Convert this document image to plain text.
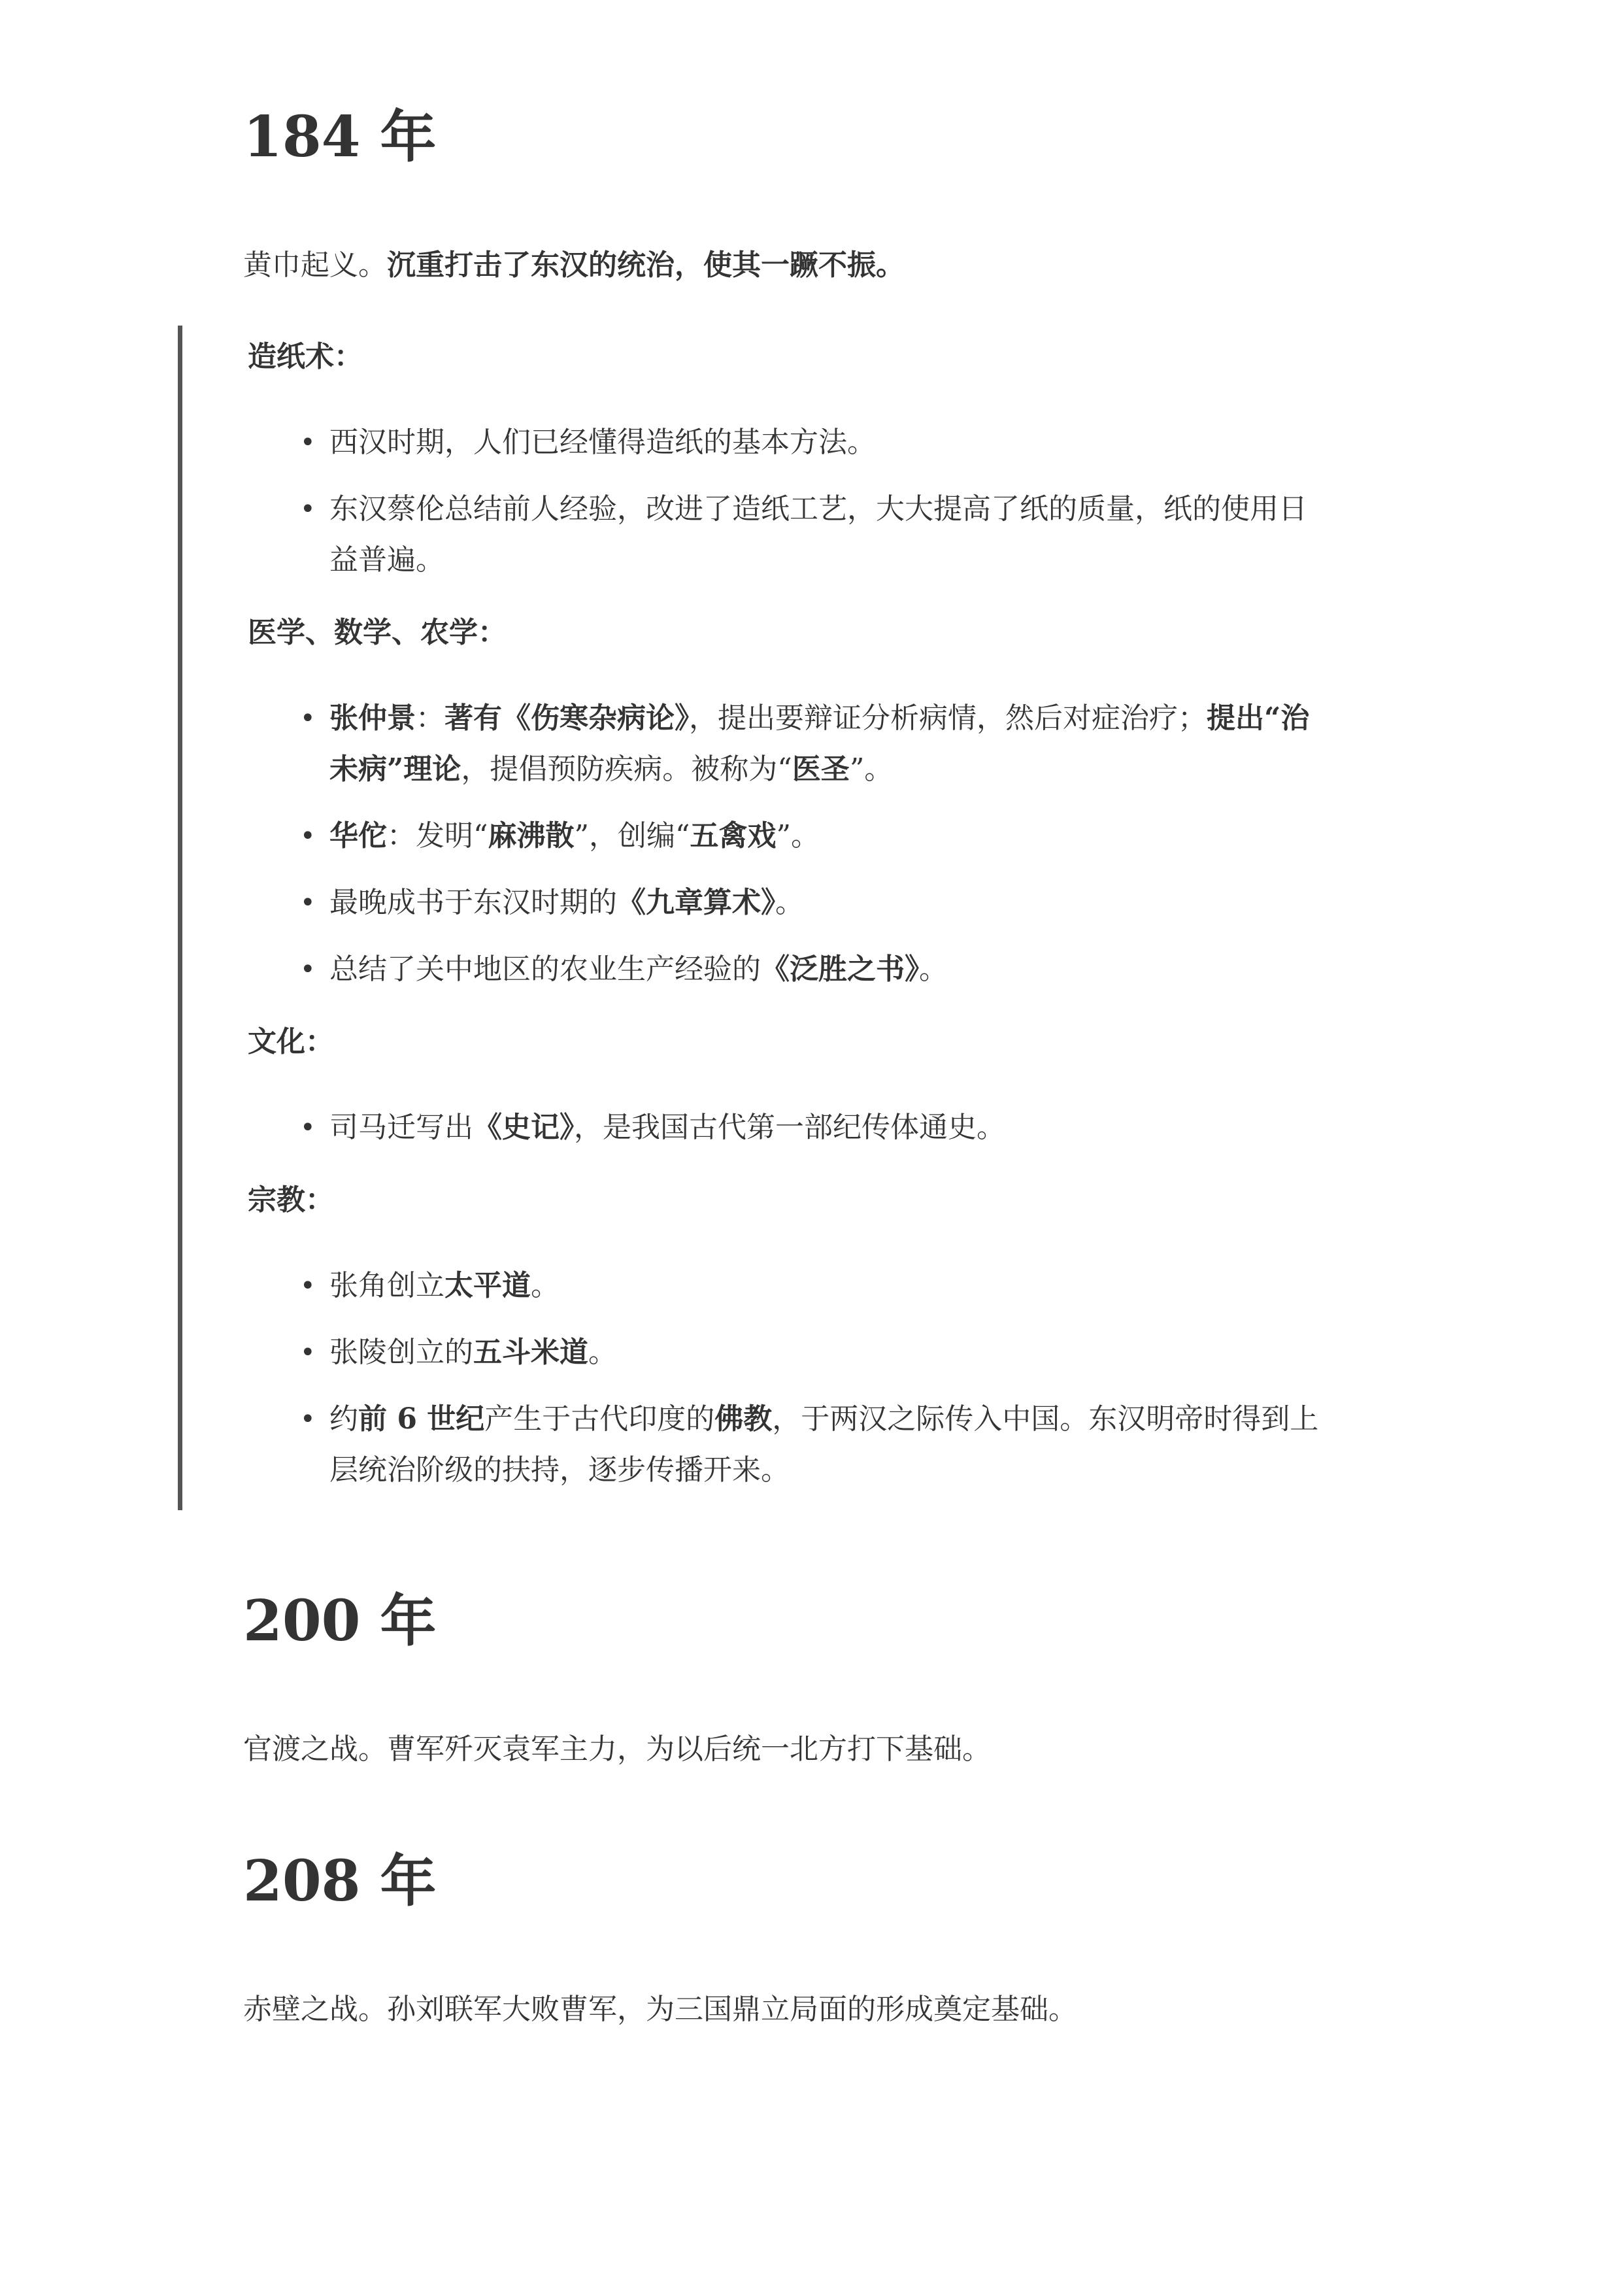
184 年

黄巾起义。沉重打击了东汉的统治，使其一蹶不振。

造纸术：

• 西汉时期，人们已经懂得造纸的基本方法。
• 东汉蔡伦总结前人经验，改进了造纸工艺，大大提高了纸的质量，纸的使用日益普遍。

医学、数学、农学：

• 张仲景：著有《伤寒杂病论》，提出要辩证分析病情，然后对症治疗；提出“治未病”理论，提倡预防疾病。被称为“医圣”。
• 华佗：发明“麻沸散”，创编“五禽戏”。
• 最晚成书于东汉时期的《九章算术》。
• 总结了关中地区的农业生产经验的《泛胜之书》。

文化：

• 司马迁写出《史记》，是我国古代第一部纪传体通史。

宗教：

• 张角创立太平道。
• 张陵创立的五斗米道。
• 约前 6 世纪产生于古代印度的佛教，于两汉之际传入中国。东汉明帝时得到上层统治阶级的扶持，逐步传播开来。
200 年

官渡之战。曹军歼灭袁军主力，为以后统一北方打下基础。

208 年

赤壁之战。孙刘联军大败曹军，为三国鼎立局面的形成奠定基础。
